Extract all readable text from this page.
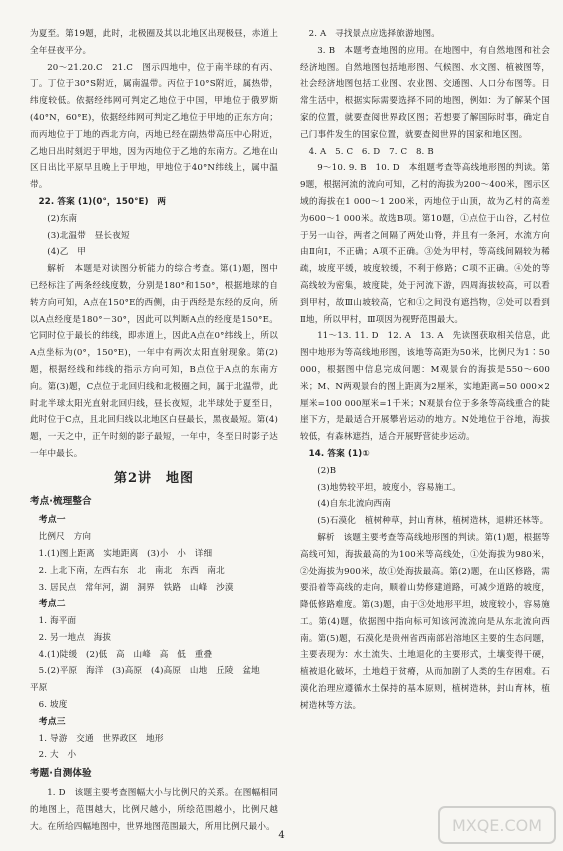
为夏至。第19题，此时，北极圈及其以北地区出现极昼，赤道上全年昼夜平分。
20～21.20.C　21.C　图示四地中，位于南半球的有丙、丁。丁位于30°S附近，属南温带。丙位于10°S附近，属热带，纬度较低。依据经纬网可判定乙地位于中国，甲地位于俄罗斯(40°N，60°E)，依据经纬网可判定乙地位于甲地的正东方向；而丙地位于丁地的西北方向，丙地已经在副热带高压中心附近，乙地日出时刻迟于甲地，因为丙地位于乙地的东南方。乙地在山区日出比平原早且晚上于甲地，甲地位于40°N纬线上，属中温带。
22. 答案 (1)(0°，150°E)　两
(2)东南
(3)北温带　昼长夜短
(4)乙　甲
解析　本题是对读图分析能力的综合考查。第(1)题，图中已经标注了两条经线度数，分别是180°和150°，根据地球的自转方向可知，A点在150°E的西侧，由于西经是东经的反向，所以A点经度是180°－30°，因此可以判断A点的经度是150°E。它同时位于最长的纬线，即赤道上，因此A点在0°纬线上，所以A点坐标为(0°，150°E)，一年中有两次太阳直射现象。第(2)题，根据经线和纬线的指示方向可知，B点位于A点的东南方向。第(3)题，C点位于北回归线和北极圈之间，属于北温带，此时北半球太阳光直射北回归线，昼长夜短，北半球处于夏至日，此时位于C点，且北回归线以北地区白昼最长，黑夜最短。第(4)题，一天之中，正午时刻的影子最短，一年中，冬至日时影子达一年中最长。
第2讲　地图
考点·梳理整合
考点一
比例尺　方向
1.(1)图上距离　实地距离　(3)小　小　详细
2. 上北下南，左西右东　北　南北　东西　南北
3. 居民点　常年河，湖　洞界　铁路　山峰　沙漠
考点二
1. 海平面
2. 另一地点　海拔
4.(1)陡缓　(2)低　高　山峰　高　低　重叠
5.(2)平原　海洋　(3)高原　(4)高原　山地　丘陵　盆地
平原
6. 坡度
考点三
1. 导游　交通　世界政区　地形
2. 大　小
考题·自测体验
1. D　该题主要考查图幅大小与比例尺的关系。在图幅相同的地图上，范围越大，比例尺越小，所绘范围越小，比例尺越大。在所给四幅地图中，世界地图范围最大，所用比例尺最小。
2. A　寻找景点应选择旅游地图。
3. B　本题考查地图的应用。在地图中，有自然地图和社会经济地图。自然地图包括地形图、气候图、水文图、植被图等，社会经济地图包括工业图、农业图、交通图、人口分布图等。日常生活中，根据实际需要选择不同的地图，例如：为了解某个国家的位置，就要查阅世界政区图；若想要了解国际时事，确定自己门事件发生的国家位置，就要查阅世界的国家和地区图。
4. A　5. C　6. D　7. C　8. B
9～10. 9. B　10. D　本组题考查等高线地形图的判读。第9题，根据河流的流向可知，乙村的海拔为200～400米，图示区域的海拔在1 000～1 200米，丙地位于山顶，故为乙村的高差为600～1 000米。故选B项。第10题，①点位于山谷，乙村位于另一山谷，两者之间隔了两处山脊，并且有一条河，水流方向由Ⅱ向Ⅰ，不正确；A项不正确。③处为甲村，等高线间隔较为稀疏，坡度平缓，坡度较缓，不利于修路；C项不正确。④处的等高线较为密集，坡度陡，处于河流下游，四周海拔较高，可以看到甲村，故Ⅲ山坡较高，它和①之间没有遮挡物，②处可以看到Ⅱ地，所以甲村，Ⅲ项因为视野范围最大。
11～13. 11. D　12. A　13. A　先读图获取相关信息，此图中地形为等高线地形图，该地等高距为50米，比例尺为1∶50 000，根据图中信息完成问题：M观景台的海拔是550～600米；M、N两观景台的图上距离为2厘米，实地距离=50 000×2厘米=100 000厘米=1千米；N观景台位于多条等高线重合的陡崖下方，是最适合开展攀岩运动的地方。N处地位于谷地，海拔较低，有森林遮挡，适合开展野营徒步运动。
14. 答案 (1)①
(2)B
(3)地势较平坦，坡度小，容易施工。
(4)自东北流向西南
(5)石漠化　植树种草，封山育林，植树造林，退耕还林等。
解析　该题主要考查等高线地形图的判读。第(1)题，根据等高线可知，海拔最高的为100米等高线处，①处海拔为980米，②处海拔为900米，故①处海拔最高。第(2)题，在山区修路，需要沿着等高线的走向，顺着山势修建道路，可减少道路的坡度，降低修路难度。第(3)题，由于③处地形平坦，坡度较小，容易施工。第(4)题，依据图中指向标可知该河流流向是从东北流向西南。第(5)题，石漠化是贵州省西南部岩溶地区主要的生态问题，主要表现为：水土流失、土地退化的主要形式，土壤变得干硬，植被退化破坏，土地趋于贫瘠，从而加剧了人类的生存困难。石漠化治理应遵循水土保持的基本原则，植树造林，封山育林，植树造林等方法。
4
MXQE.COM
